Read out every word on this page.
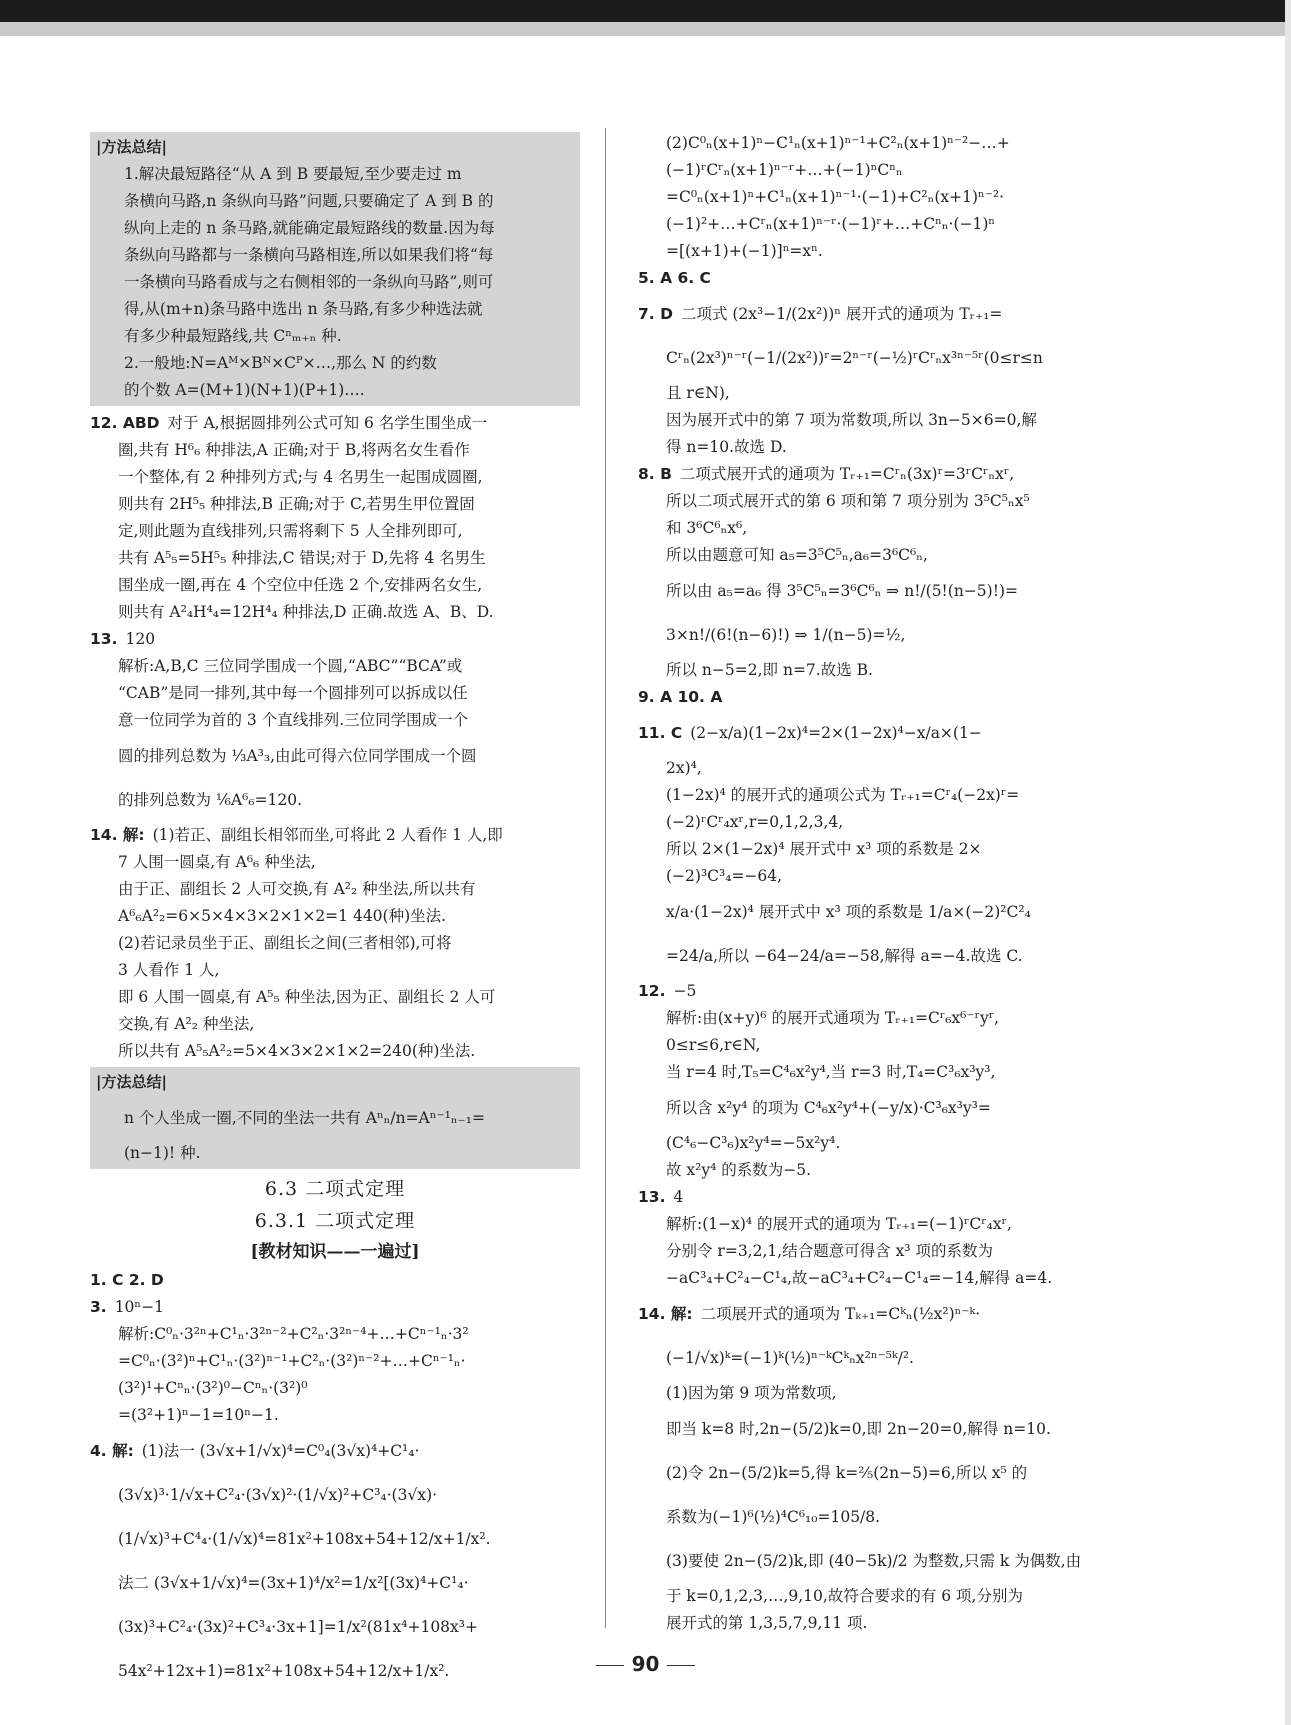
|方法总结|

1.解决最短路径“从 A 到 B 要最短,至少要走过 m

条横向马路,n 条纵向马路”问题,只要确定了 A 到 B 的

纵向上走的 n 条马路,就能确定最短路线的数量.因为每

条纵向马路都与一条横向马路相连,所以如果我们将“每

一条横向马路看成与之右侧相邻的一条纵向马路”,则可

得,从(m+n)条马路中选出 n 条马路,有多少种选法就

有多少种最短路线,共 Cⁿₘ₊ₙ 种.

2.一般地:N=Aᴹ×Bᴺ×Cᴾ×…,那么 N 的约数

的个数 A=(M+1)(N+1)(P+1)….

12. ABD 对于 A,根据圆排列公式可知 6 名学生围坐成一

圈,共有 H⁶₆ 种排法,A 正确;对于 B,将两名女生看作

一个整体,有 2 种排列方式;与 4 名男生一起围成圆圈,

则共有 2H⁵₅ 种排法,B 正确;对于 C,若男生甲位置固

定,则此题为直线排列,只需将剩下 5 人全排列即可,

共有 A⁵₅=5H⁵₅ 种排法,C 错误;对于 D,先将 4 名男生

围坐成一圈,再在 4 个空位中任选 2 个,安排两名女生,

则共有 A²₄H⁴₄=12H⁴₄ 种排法,D 正确.故选 A、B、D.

13. 120

解析:A,B,C 三位同学围成一个圆,“ABC”“BCA”或

“CAB”是同一排列,其中每一个圆排列可以拆成以任

意一位同学为首的 3 个直线排列.三位同学围成一个

圆的排列总数为 ⅓A³₃,由此可得六位同学围成一个圆

的排列总数为 ⅙A⁶₆=120.

14. 解: (1)若正、副组长相邻而坐,可将此 2 人看作 1 人,即

7 人围一圆桌,有 A⁶₆ 种坐法,

由于正、副组长 2 人可交换,有 A²₂ 种坐法,所以共有

A⁶₆A²₂=6×5×4×3×2×1×2=1 440(种)坐法.

(2)若记录员坐于正、副组长之间(三者相邻),可将

3 人看作 1 人,

即 6 人围一圆桌,有 A⁵₅ 种坐法,因为正、副组长 2 人可

交换,有 A²₂ 种坐法,

所以共有 A⁵₅A²₂=5×4×3×2×1×2=240(种)坐法.

|方法总结|

n 个人坐成一圈,不同的坐法一共有 Aⁿₙ/n=Aⁿ⁻¹ₙ₋₁=

(n−1)! 种.

6.3 二项式定理

6.3.1 二项式定理

[教材知识——一遍过]

1. C 2. D

3. 10ⁿ−1

解析:C⁰ₙ·3²ⁿ+C¹ₙ·3²ⁿ⁻²+C²ₙ·3²ⁿ⁻⁴+…+Cⁿ⁻¹ₙ·3²

=C⁰ₙ·(3²)ⁿ+C¹ₙ·(3²)ⁿ⁻¹+C²ₙ·(3²)ⁿ⁻²+…+Cⁿ⁻¹ₙ·

(3²)¹+Cⁿₙ·(3²)⁰−Cⁿₙ·(3²)⁰

=(3²+1)ⁿ−1=10ⁿ−1.

4. 解: (1)法一 (3√x+1/√x)⁴=C⁰₄(3√x)⁴+C¹₄·

(3√x)³·1/√x+C²₄·(3√x)²·(1/√x)²+C³₄·(3√x)·

(1/√x)³+C⁴₄·(1/√x)⁴=81x²+108x+54+12/x+1/x².

法二 (3√x+1/√x)⁴=(3x+1)⁴/x²=1/x²[(3x)⁴+C¹₄·

(3x)³+C²₄·(3x)²+C³₄·3x+1]=1/x²(81x⁴+108x³+

54x²+12x+1)=81x²+108x+54+12/x+1/x².

(2)C⁰ₙ(x+1)ⁿ−C¹ₙ(x+1)ⁿ⁻¹+C²ₙ(x+1)ⁿ⁻²−…+

(−1)ʳCʳₙ(x+1)ⁿ⁻ʳ+…+(−1)ⁿCⁿₙ

=C⁰ₙ(x+1)ⁿ+C¹ₙ(x+1)ⁿ⁻¹·(−1)+C²ₙ(x+1)ⁿ⁻²·

(−1)²+…+Cʳₙ(x+1)ⁿ⁻ʳ·(−1)ʳ+…+Cⁿₙ·(−1)ⁿ

=[(x+1)+(−1)]ⁿ=xⁿ.

5. A 6. C

7. D 二项式 (2x³−1/(2x²))ⁿ 展开式的通项为 Tᵣ₊₁=

Cʳₙ(2x³)ⁿ⁻ʳ(−1/(2x²))ʳ=2ⁿ⁻ʳ(−½)ʳCʳₙx³ⁿ⁻⁵ʳ(0≤r≤n

且 r∈N),

因为展开式中的第 7 项为常数项,所以 3n−5×6=0,解

得 n=10.故选 D.

8. B 二项式展开式的通项为 Tᵣ₊₁=Cʳₙ(3x)ʳ=3ʳCʳₙxʳ,

所以二项式展开式的第 6 项和第 7 项分别为 3⁵C⁵ₙx⁵

和 3⁶C⁶ₙx⁶,

所以由题意可知 a₅=3⁵C⁵ₙ,a₆=3⁶C⁶ₙ,

所以由 a₅=a₆ 得 3⁵C⁵ₙ=3⁶C⁶ₙ ⇒ n!/(5!(n−5)!)=

3×n!/(6!(n−6)!) ⇒ 1/(n−5)=½,

所以 n−5=2,即 n=7.故选 B.

9. A 10. A

11. C (2−x/a)(1−2x)⁴=2×(1−2x)⁴−x/a×(1−

2x)⁴,

(1−2x)⁴ 的展开式的通项公式为 Tᵣ₊₁=Cʳ₄(−2x)ʳ=

(−2)ʳCʳ₄xʳ,r=0,1,2,3,4,

所以 2×(1−2x)⁴ 展开式中 x³ 项的系数是 2×

(−2)³C³₄=−64,

x/a·(1−2x)⁴ 展开式中 x³ 项的系数是 1/a×(−2)²C²₄

=24/a,所以 −64−24/a=−58,解得 a=−4.故选 C.

12. −5

解析:由(x+y)⁶ 的展开式通项为 Tᵣ₊₁=Cʳ₆x⁶⁻ʳyʳ,

0≤r≤6,r∈N,

当 r=4 时,T₅=C⁴₆x²y⁴,当 r=3 时,T₄=C³₆x³y³,

所以含 x²y⁴ 的项为 C⁴₆x²y⁴+(−y/x)·C³₆x³y³=

(C⁴₆−C³₆)x²y⁴=−5x²y⁴.

故 x²y⁴ 的系数为−5.

13. 4

解析:(1−x)⁴ 的展开式的通项为 Tᵣ₊₁=(−1)ʳCʳ₄xʳ,

分别令 r=3,2,1,结合题意可得含 x³ 项的系数为

−aC³₄+C²₄−C¹₄,故−aC³₄+C²₄−C¹₄=−14,解得 a=4.

14. 解: 二项展开式的通项为 Tₖ₊₁=Cᵏₙ(½x²)ⁿ⁻ᵏ·

(−1/√x)ᵏ=(−1)ᵏ(½)ⁿ⁻ᵏCᵏₙx²ⁿ⁻⁵ᵏ/².

(1)因为第 9 项为常数项,

即当 k=8 时,2n−(5/2)k=0,即 2n−20=0,解得 n=10.

(2)令 2n−(5/2)k=5,得 k=⅖(2n−5)=6,所以 x⁵ 的

系数为(−1)⁶(½)⁴C⁶₁₀=105/8.

(3)要使 2n−(5/2)k,即 (40−5k)/2 为整数,只需 k 为偶数,由

于 k=0,1,2,3,…,9,10,故符合要求的有 6 项,分别为

展开式的第 1,3,5,7,9,11 项.

90
